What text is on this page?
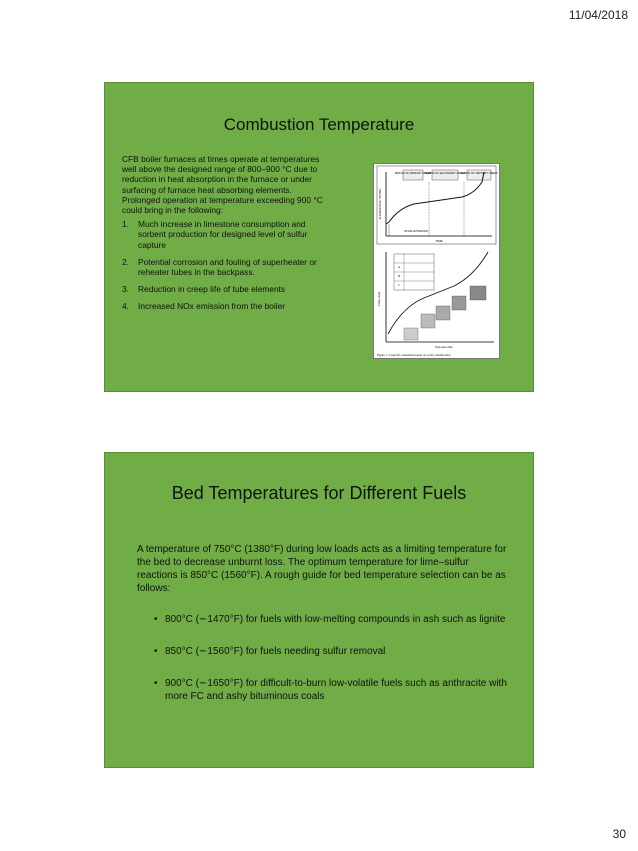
11/04/2018
Combustion Temperature

CFB boiler furnaces at times operate at temperatures well above the designed range of 800–900 °C due to reduction in heat absorption in the furnace or under surfacing of furnace heat absorbing elements. Prolonged operation at temperature exceeding 900 °C could bring in the following:

1. Much increase in limestone consumption and sorbent production for designed level of sulfur capture
2. Potential corrosion and fouling of superheater or reheater tubes in the backpass.
3. Reduction in creep life of tube elements
4. Increased NOx emission from the boiler
PERIOD OF PRIMARY CREEP
PERIOD OF SECONDARY CREEP
PERIOD OF TERTIARY CREEP
ELONGATION / STRAIN
TIME
INITIAL EXTENSION
Creep strain
Exposure time
A
B
C
Figure 1. Creep life assessment based on cavity classification
Bed Temperatures for Different Fuels
A temperature of 750°C (1380°F) during low loads acts as a limiting temperature for the bed to decrease unburnt loss. The optimum temperature for lime–sulfur reactions is 850°C (1560°F). A rough guide for bed temperature selection can be as follows:
• 800°C (∼1470°F) for fuels with low-melting compounds in ash such as lignite
• 850°C (∼1560°F) for fuels needing sulfur removal
• 900°C (∼1650°F) for difficult-to-burn low-volatile fuels such as anthracite with more FC and ashy bituminous coals
30
